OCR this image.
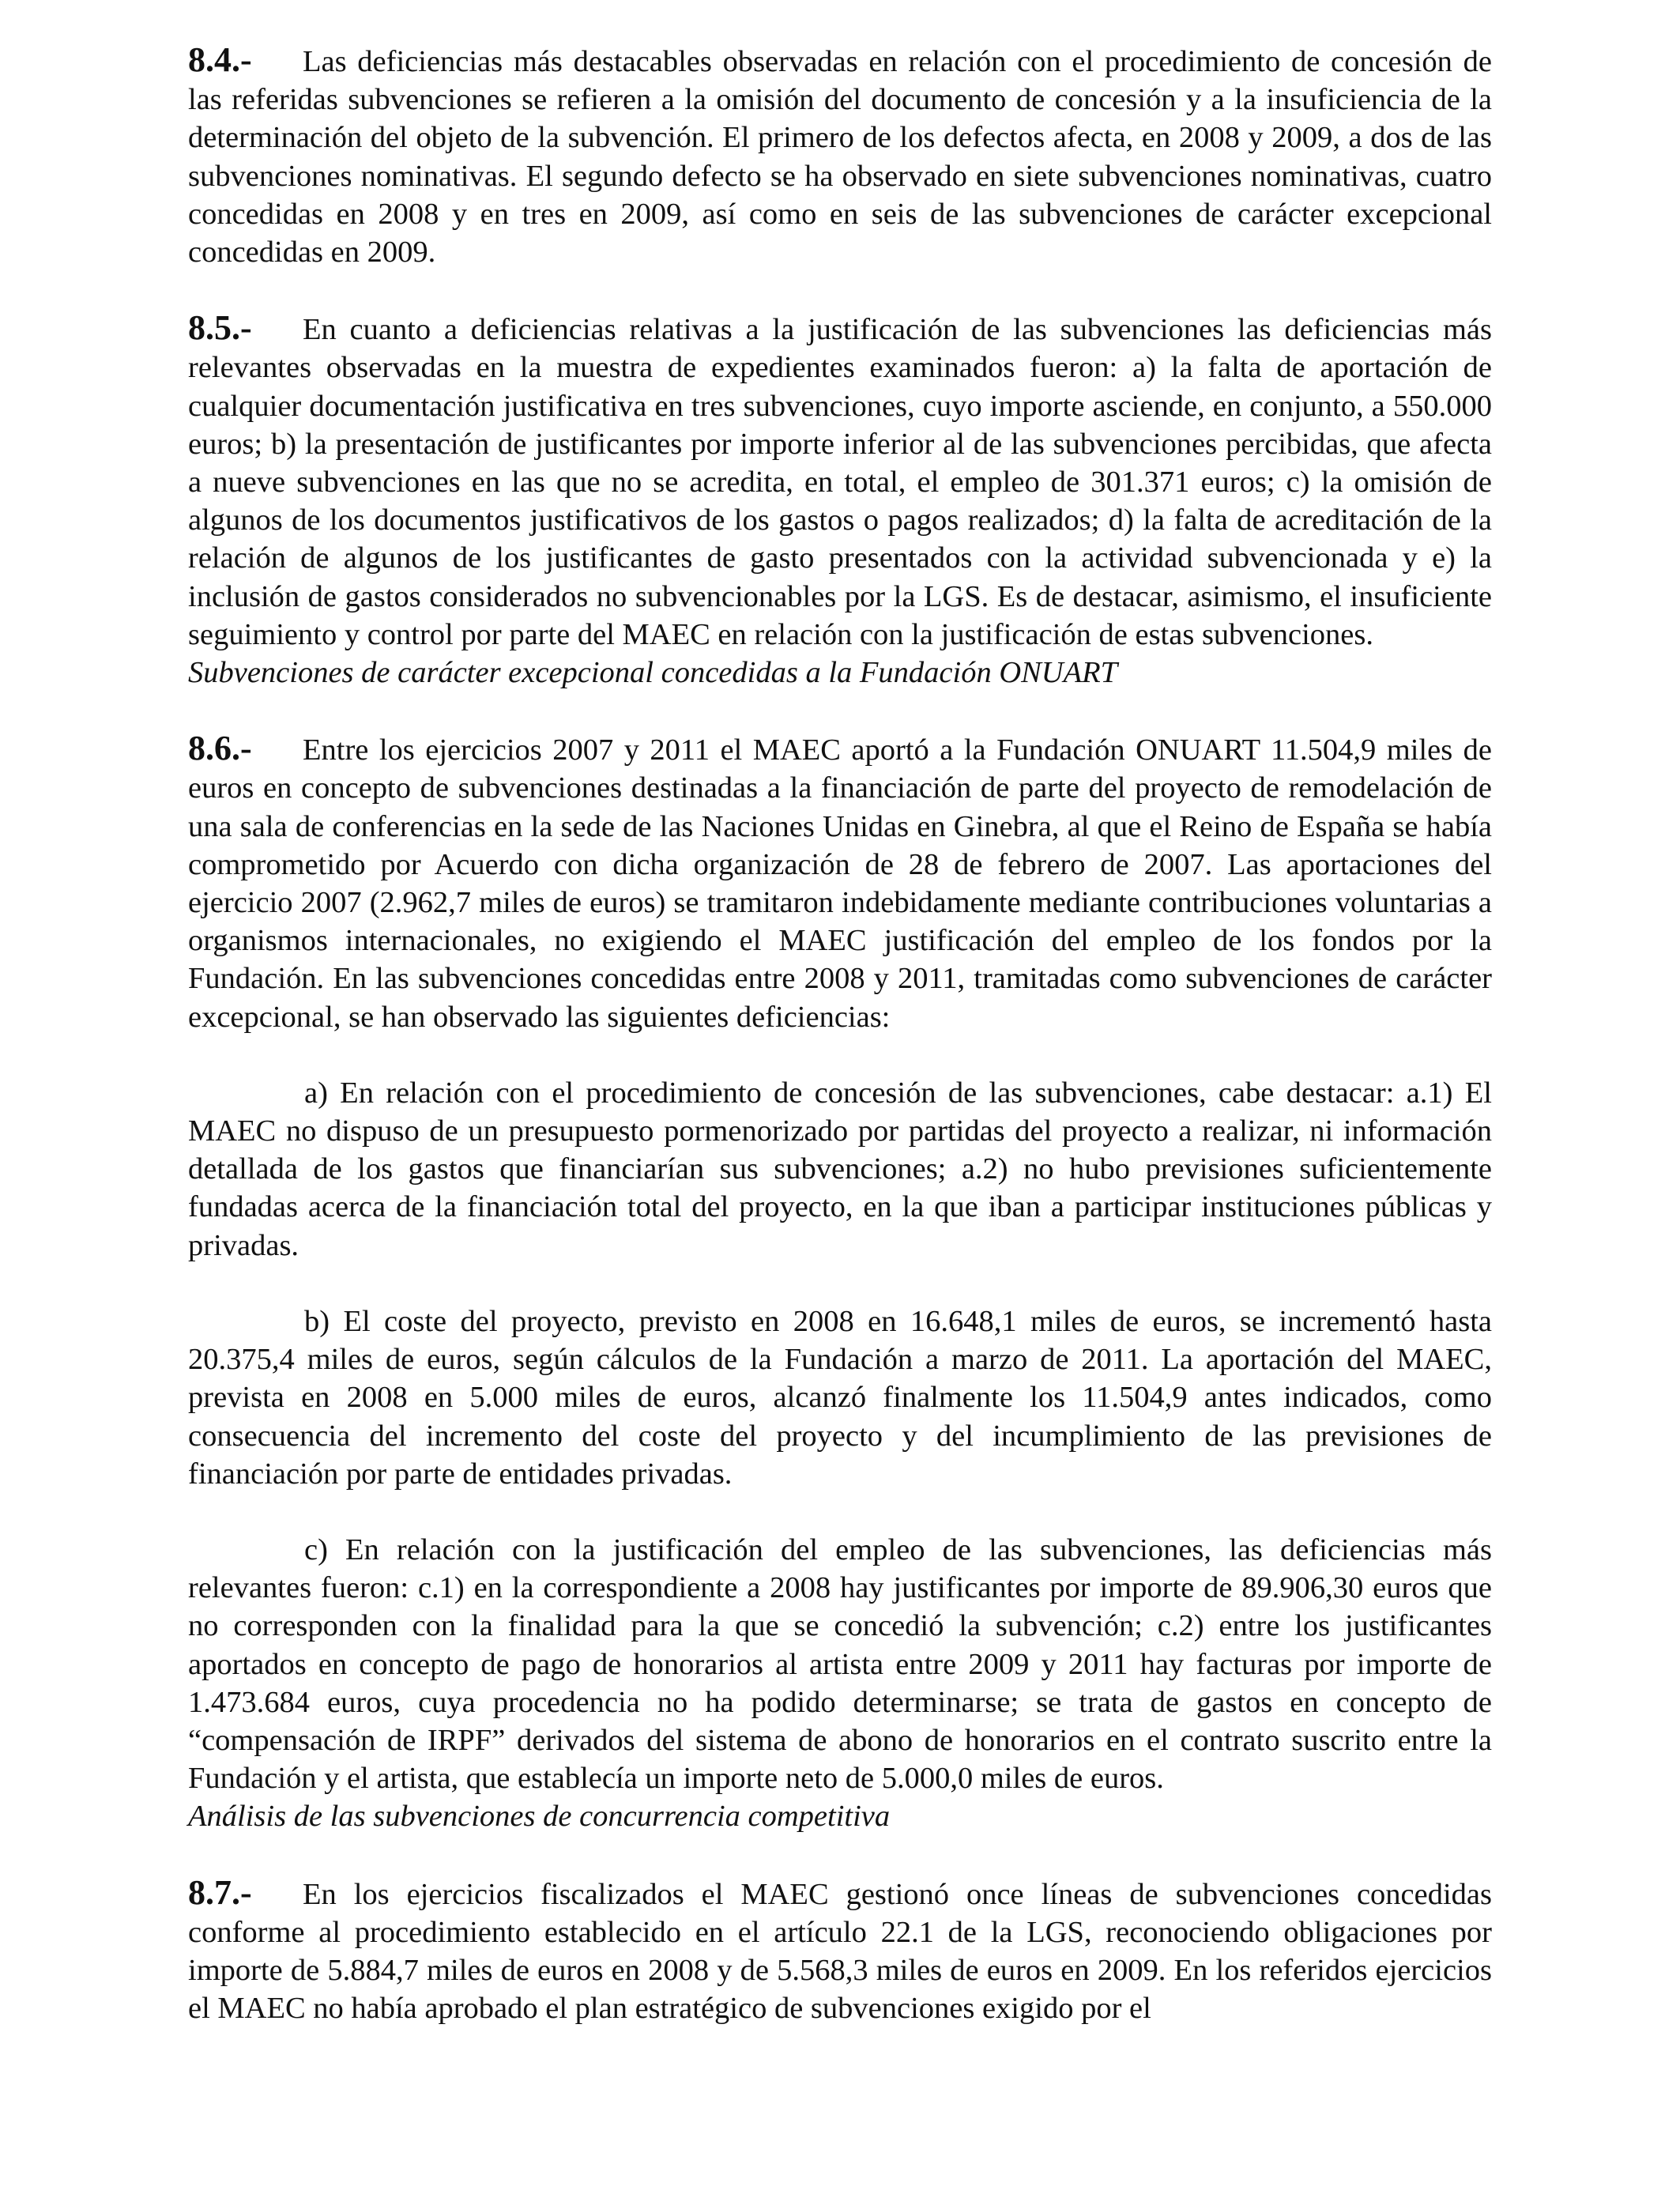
8.4.- Las deficiencias más destacables observadas en relación con el procedimiento de concesión de las referidas subvenciones se refieren a la omisión del documento de concesión y a la insuficiencia de la determinación del objeto de la subvención. El primero de los defectos afecta, en 2008 y 2009, a dos de las subvenciones nominativas. El segundo defecto se ha observado en siete subvenciones nominativas, cuatro concedidas en 2008 y en tres en 2009, así como en seis de las subvenciones de carácter excepcional concedidas en 2009.

8.5.- En cuanto a deficiencias relativas a la justificación de las subvenciones las deficiencias más relevantes observadas en la muestra de expedientes examinados fueron: a) la falta de aportación de cualquier documentación justificativa en tres subvenciones, cuyo importe asciende, en conjunto, a 550.000 euros; b) la presentación de justificantes por importe inferior al de las subvenciones percibidas, que afecta a nueve subvenciones en las que no se acredita, en total, el empleo de 301.371 euros; c) la omisión de algunos de los documentos justificativos de los gastos o pagos realizados; d) la falta de acreditación de la relación de algunos de los justificantes de gasto presentados con la actividad subvencionada y e) la inclusión de gastos considerados no subvencionables por la LGS. Es de destacar, asimismo, el insuficiente seguimiento y control por parte del MAEC en relación con la justificación de estas subvenciones.

Subvenciones de carácter excepcional concedidas a la Fundación ONUART

8.6.- Entre los ejercicios 2007 y 2011 el MAEC aportó a la Fundación ONUART 11.504,9 miles de euros en concepto de subvenciones destinadas a la financiación de parte del proyecto de remodelación de una sala de conferencias en la sede de las Naciones Unidas en Ginebra, al que el Reino de España se había comprometido por Acuerdo con dicha organización de 28 de febrero de 2007. Las aportaciones del ejercicio 2007 (2.962,7 miles de euros) se tramitaron indebidamente mediante contribuciones voluntarias a organismos internacionales, no exigiendo el MAEC justificación del empleo de los fondos por la Fundación. En las subvenciones concedidas entre 2008 y 2011, tramitadas como subvenciones de carácter excepcional, se han observado las siguientes deficiencias:

a) En relación con el procedimiento de concesión de las subvenciones, cabe destacar: a.1) El MAEC no dispuso de un presupuesto pormenorizado por partidas del proyecto a realizar, ni información detallada de los gastos que financiarían sus subvenciones; a.2) no hubo previsiones suficientemente fundadas acerca de la financiación total del proyecto, en la que iban a participar instituciones públicas y privadas.

b) El coste del proyecto, previsto en 2008 en 16.648,1 miles de euros, se incrementó hasta 20.375,4 miles de euros, según cálculos de la Fundación a marzo de 2011. La aportación del MAEC, prevista en 2008 en 5.000 miles de euros, alcanzó finalmente los 11.504,9 antes indicados, como consecuencia del incremento del coste del proyecto y del incumplimiento de las previsiones de financiación por parte de entidades privadas.

c) En relación con la justificación del empleo de las subvenciones, las deficiencias más relevantes fueron: c.1) en la correspondiente a 2008 hay justificantes por importe de 89.906,30 euros que no corresponden con la finalidad para la que se concedió la subvención; c.2) entre los justificantes aportados en concepto de pago de honorarios al artista entre 2009 y 2011 hay facturas por importe de 1.473.684 euros, cuya procedencia no ha podido determinarse; se trata de gastos en concepto de “compensación de IRPF” derivados del sistema de abono de honorarios en el contrato suscrito entre la Fundación y el artista, que establecía un importe neto de 5.000,0 miles de euros.

Análisis de las subvenciones de concurrencia competitiva

8.7.- En los ejercicios fiscalizados el MAEC gestionó once líneas de subvenciones concedidas conforme al procedimiento establecido en el artículo 22.1 de la LGS, reconociendo obligaciones por importe de 5.884,7 miles de euros en 2008 y de 5.568,3 miles de euros en 2009. En los referidos ejercicios el MAEC no había aprobado el plan estratégico de subvenciones exigido por el
